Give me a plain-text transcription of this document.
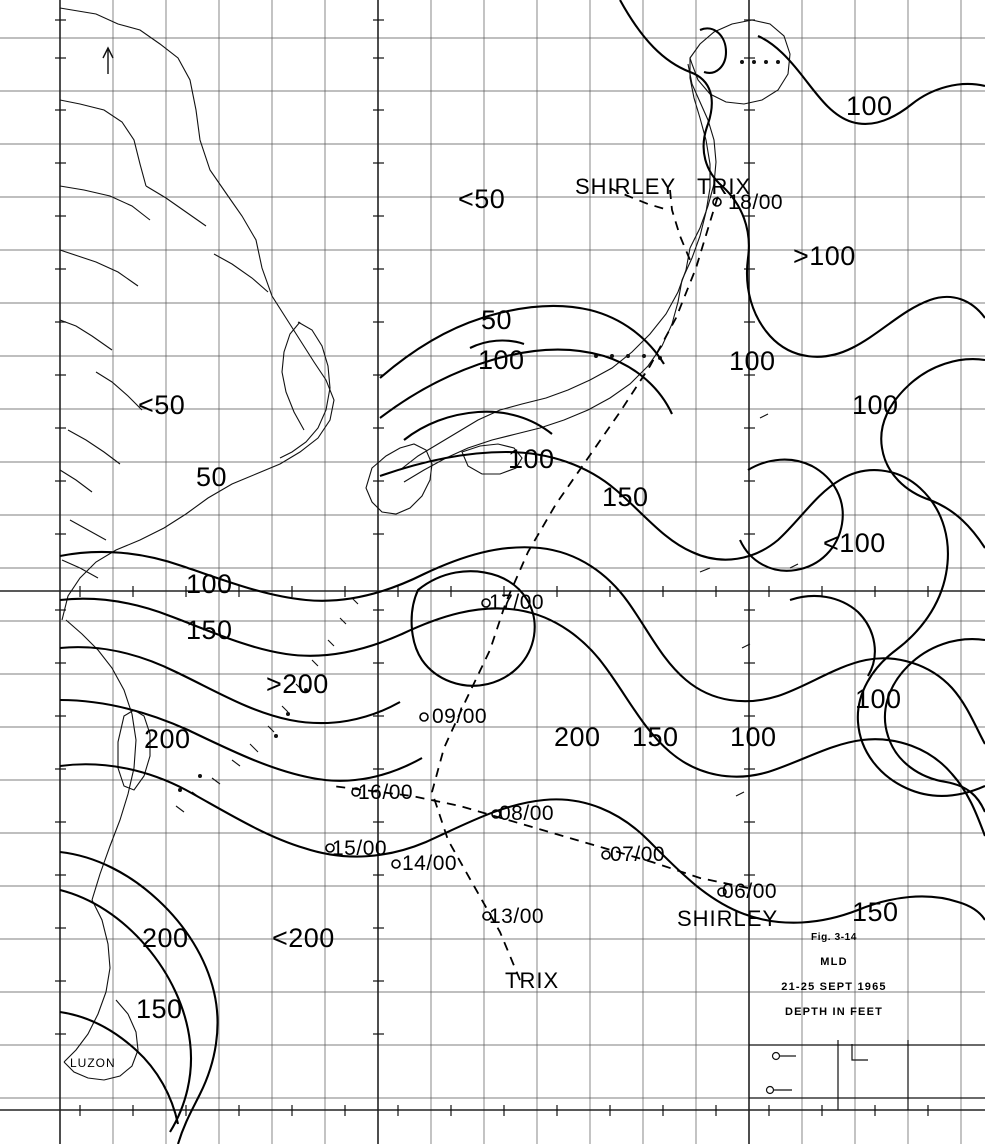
100
<50	18/00
>100
50
100	100
100
<50
50
100
150
<100
100
150
>200	100
200	200 150 100
150
200	<200
150
17/00
09/00
16/00
08/00
15/00
14/00	07/00
06/00
13/00
SHIRLEY TRIX
SHIRLEY
TRIX
LUZON
Fig. 3-14
MLD
21-25 SEPT 1965
DEPTH IN FEET
